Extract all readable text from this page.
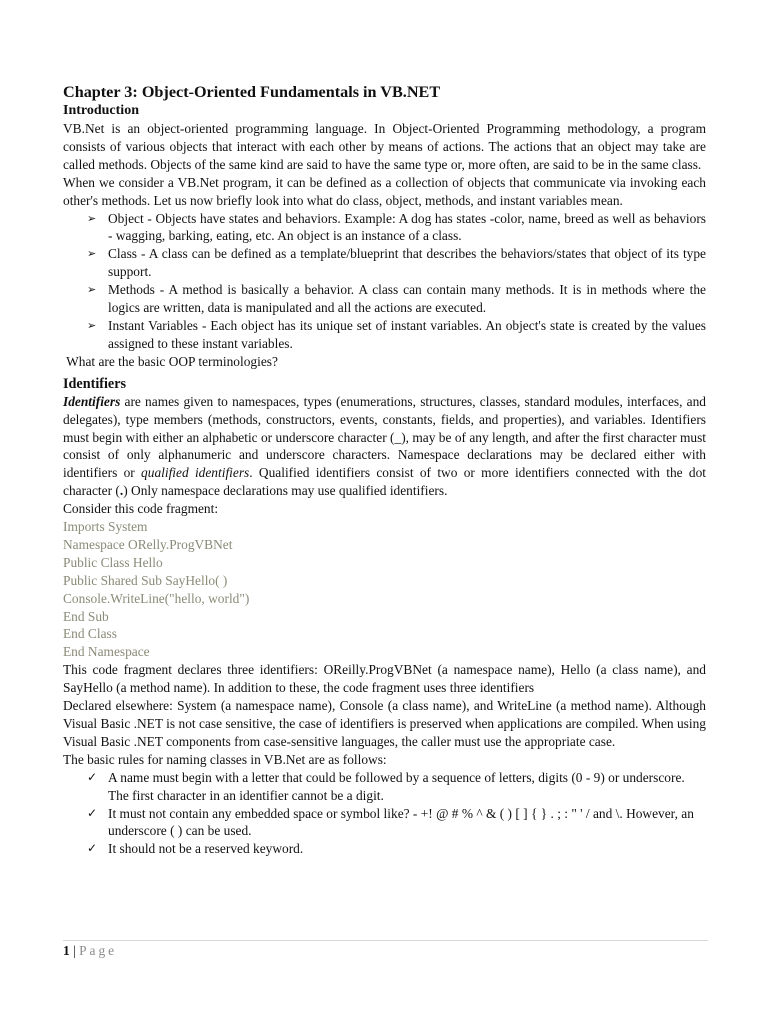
Chapter 3: Object-Oriented Fundamentals in VB.NET
Introduction

VB.Net is an object-oriented programming language. In Object-Oriented Programming methodology, a program consists of various objects that interact with each other by means of actions. The actions that an object may take are called methods. Objects of the same kind are said to have the same type or, more often, are said to be in the same class.

When we consider a VB.Net program, it can be defined as a collection of objects that communicate via invoking each other's methods. Let us now briefly look into what do class, object, methods, and instant variables mean.

➢ Object - Objects have states and behaviors. Example: A dog has states -color, name, breed as well as behaviors - wagging, barking, eating, etc. An object is an instance of a class.
➢ Class - A class can be defined as a template/blueprint that describes the behaviors/states that object of its type support.
➢ Methods - A method is basically a behavior. A class can contain many methods. It is in methods where the logics are written, data is manipulated and all the actions are executed.
➢ Instant Variables - Each object has its unique set of instant variables. An object's state is created by the values assigned to these instant variables.

What are the basic OOP terminologies?

Identifiers

Identifiers are names given to namespaces, types (enumerations, structures, classes, standard modules, interfaces, and delegates), type members (methods, constructors, events, constants, fields, and properties), and variables. Identifiers must begin with either an alphabetic or underscore character (_), may be of any length, and after the first character must consist of only alphanumeric and underscore characters. Namespace declarations may be declared either with identifiers or qualified identifiers. Qualified identifiers consist of two or more identifiers connected with the dot character (.) Only namespace declarations may use qualified identifiers.

Consider this code fragment:

Imports System
Namespace ORelly.ProgVBNet
Public Class Hello
Public Shared Sub SayHello( )
Console.WriteLine("hello, world")
End Sub
End Class
End Namespace

This code fragment declares three identifiers: OReilly.ProgVBNet (a namespace name), Hello (a class name), and SayHello (a method name). In addition to these, the code fragment uses three identifiers

Declared elsewhere: System (a namespace name), Console (a class name), and WriteLine (a method name). Although Visual Basic .NET is not case sensitive, the case of identifiers is preserved when applications are compiled. When using Visual Basic .NET components from case-sensitive languages, the caller must use the appropriate case.

The basic rules for naming classes in VB.Net are as follows:

✓ A name must begin with a letter that could be followed by a sequence of letters, digits (0 - 9) or underscore. The first character in an identifier cannot be a digit.
✓ It must not contain any embedded space or symbol like? - +! @ # % ^ & ( ) [ ] { } . ; : " ' / and \. However, an underscore ( ) can be used.
✓ It should not be a reserved keyword.
1 | Page
